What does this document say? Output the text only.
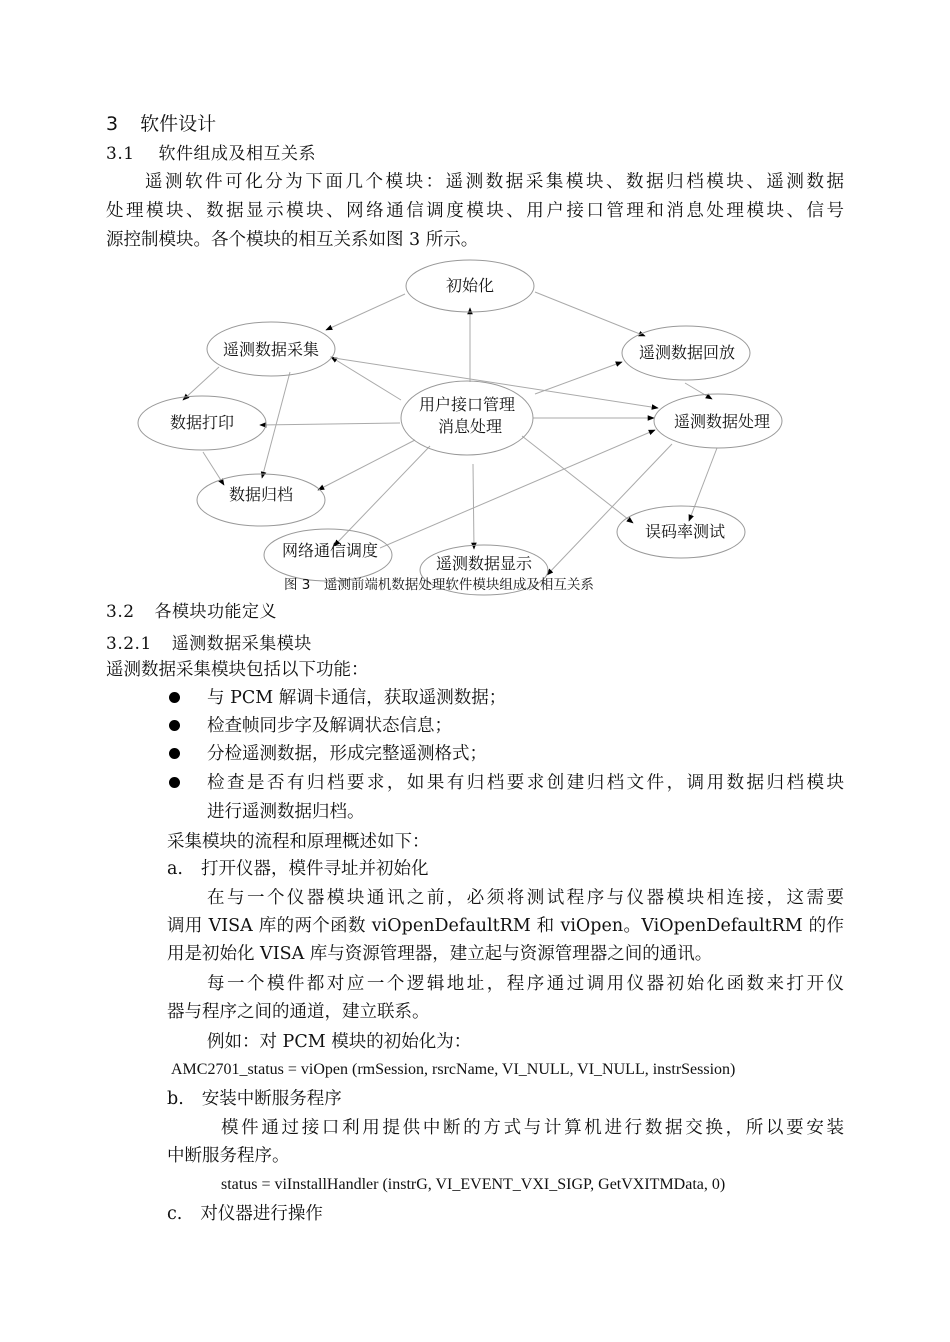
3 软件设计
3.1 软件组成及相互关系
遥测软件可化分为下面几个模块：遥测数据采集模块、数据归档模块、遥测数据
处理模块、数据显示模块、网络通信调度模块、用户接口管理和消息处理模块、信号
源控制模块。各个模块的相互关系如图 3 所示。
初始化
遥测数据采集	遥测数据回放
数据打印
用户接口管理
消息处理	遥测数据处理
数据归档
误码率测试
网络通信调度
遥测数据显示
图 3　遥测前端机数据处理软件模块组成及相互关系
3.2 各模块功能定义
3.2.1 遥测数据采集模块
遥测数据采集模块包括以下功能：
与 PCM 解调卡通信，获取遥测数据；
检查帧同步字及解调状态信息；
分检遥测数据，形成完整遥测格式；
检查是否有归档要求，如果有归档要求创建归档文件，调用数据归档模块
进行遥测数据归档。
采集模块的流程和原理概述如下：
a. 打开仪器，模件寻址并初始化
在与一个仪器模块通讯之前，必须将测试程序与仪器模块相连接，这需要
调用 VISA 库的两个函数 viOpenDefaultRM 和 viOpen。ViOpenDefaultRM 的作
用是初始化 VISA 库与资源管理器，建立起与资源管理器之间的通讯。
每一个模件都对应一个逻辑地址，程序通过调用仪器初始化函数来打开仪
器与程序之间的通道，建立联系。
例如：对 PCM 模块的初始化为：
AMC2701_status = viOpen (rmSession, rsrcName, VI_NULL, VI_NULL, instrSession)
b. 安装中断服务程序
模件通过接口利用提供中断的方式与计算机进行数据交换，所以要安装
中断服务程序。
status = viInstallHandler (instrG, VI_EVENT_VXI_SIGP, GetVXITMData, 0)
c. 对仪器进行操作
